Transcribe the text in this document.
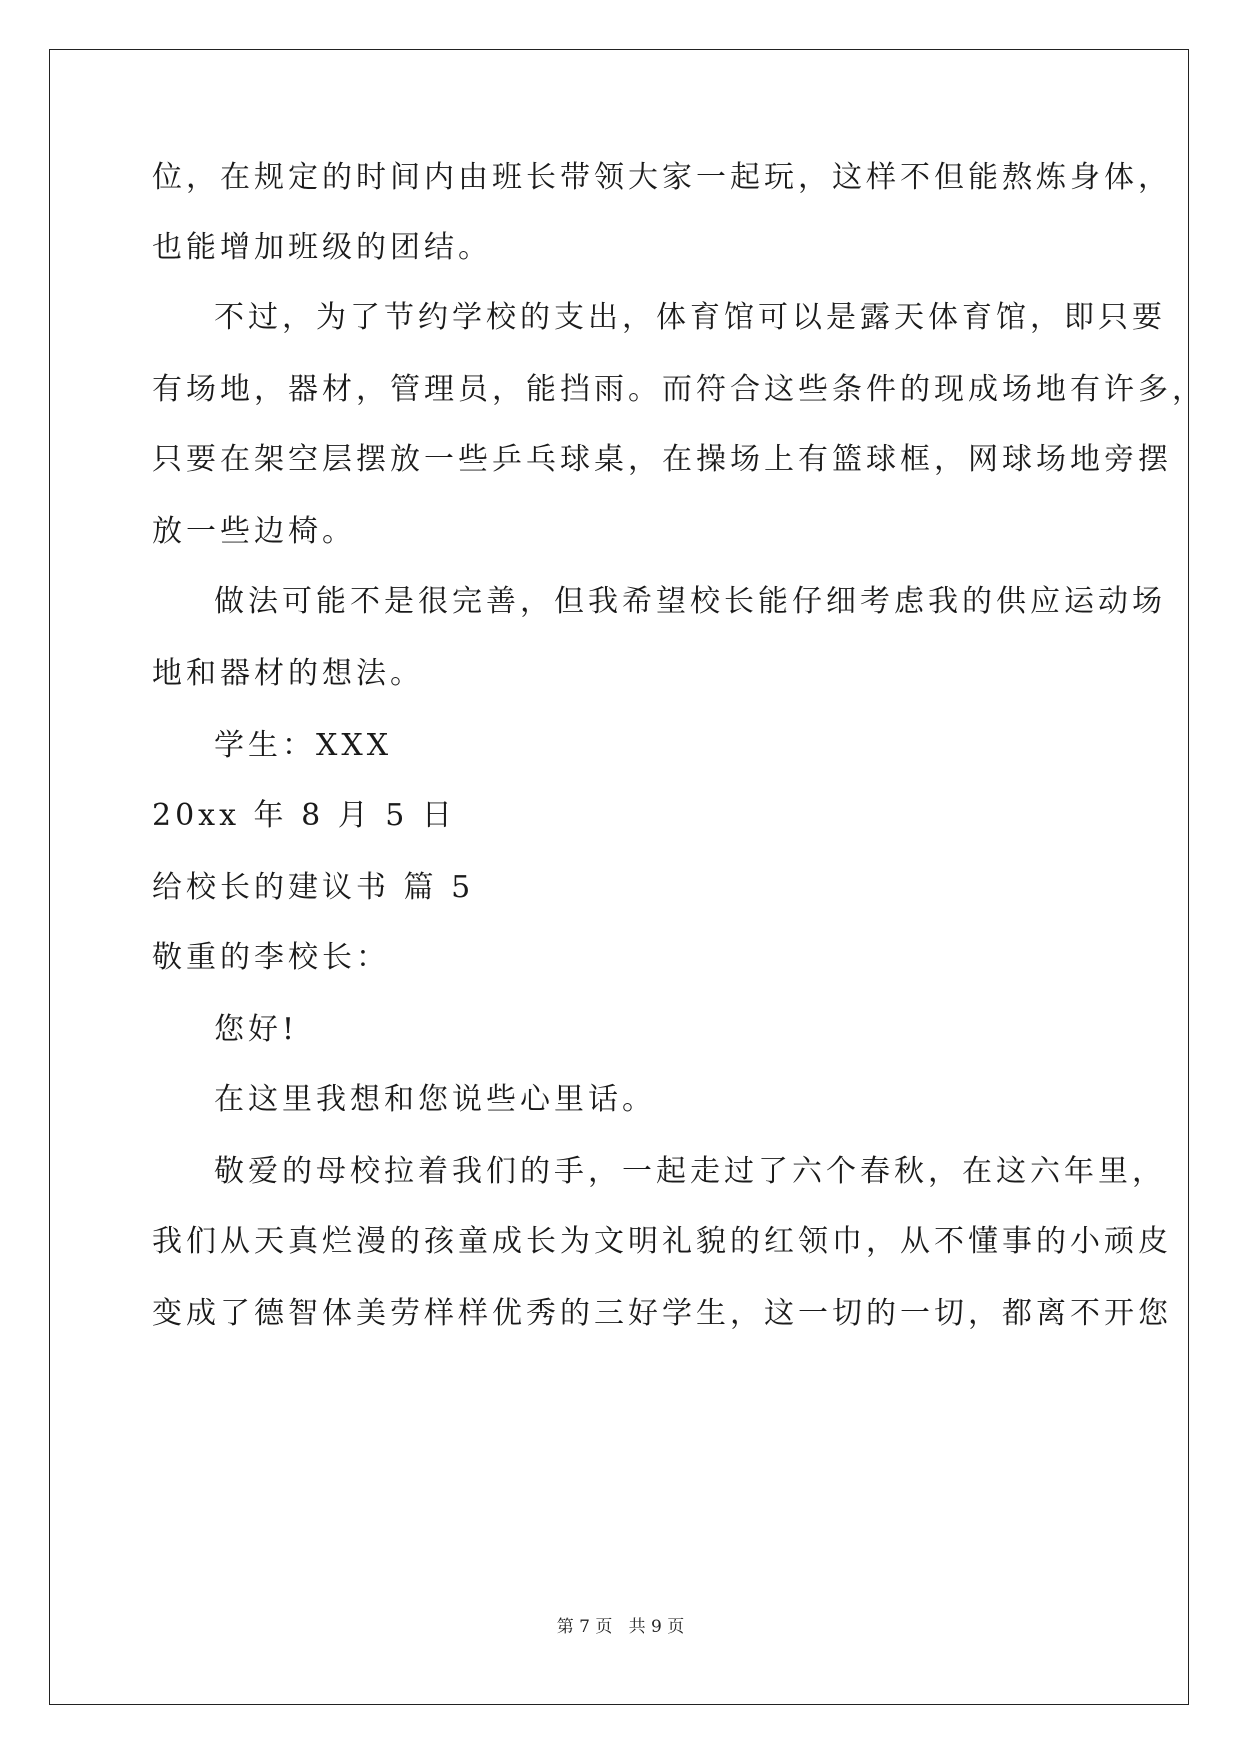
位，在规定的时间内由班长带领大家一起玩，这样不但能熬炼身体，
也能增加班级的团结。
不过，为了节约学校的支出，体育馆可以是露天体育馆，即只要
有场地，器材，管理员，能挡雨。而符合这些条件的现成场地有许多，
只要在架空层摆放一些乒乓球桌，在操场上有篮球框，网球场地旁摆
放一些边椅。
做法可能不是很完善，但我希望校长能仔细考虑我的供应运动场
地和器材的想法。
学生：XXX
20xx 年 8 月 5 日
给校长的建议书 篇 5
敬重的李校长：
您好!
在这里我想和您说些心里话。
敬爱的母校拉着我们的手，一起走过了六个春秋，在这六年里，
我们从天真烂漫的孩童成长为文明礼貌的红领巾，从不懂事的小顽皮
变成了德智体美劳样样优秀的三好学生，这一切的一切，都离不开您
第 7 页   共 9 页
